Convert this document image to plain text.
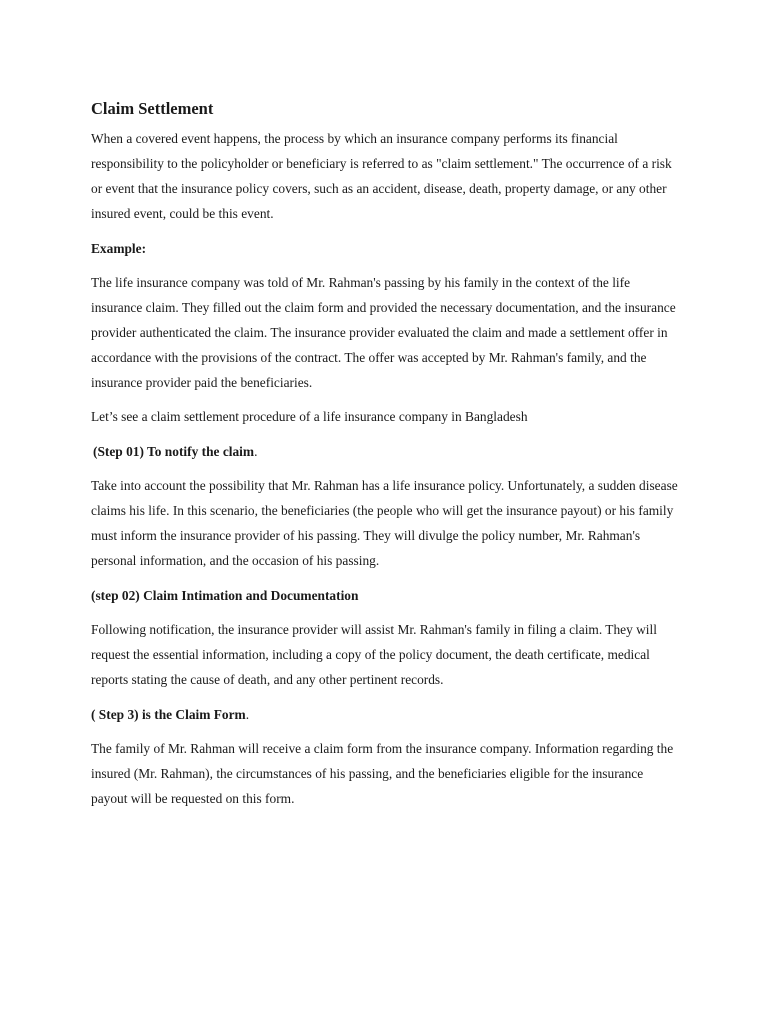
Claim Settlement

When a covered event happens, the process by which an insurance company performs its financial responsibility to the policyholder or beneficiary is referred to as "claim settlement." The occurrence of a risk or event that the insurance policy covers, such as an accident, disease, death, property damage, or any other insured event, could be this event.

Example:

The life insurance company was told of Mr. Rahman's passing by his family in the context of the life insurance claim. They filled out the claim form and provided the necessary documentation, and the insurance provider authenticated the claim. The insurance provider evaluated the claim and made a settlement offer in accordance with the provisions of the contract. The offer was accepted by Mr. Rahman's family, and the insurance provider paid the beneficiaries.

Let’s see a claim settlement procedure of a life insurance company in Bangladesh

(Step 01) To notify the claim.

Take into account the possibility that Mr. Rahman has a life insurance policy. Unfortunately, a sudden disease claims his life. In this scenario, the beneficiaries (the people who will get the insurance payout) or his family must inform the insurance provider of his passing. They will divulge the policy number, Mr. Rahman's personal information, and the occasion of his passing.

(step 02) Claim Intimation and Documentation

Following notification, the insurance provider will assist Mr. Rahman's family in filing a claim. They will request the essential information, including a copy of the policy document, the death certificate, medical reports stating the cause of death, and any other pertinent records.

( Step 3) is the Claim Form.

The family of Mr. Rahman will receive a claim form from the insurance company. Information regarding the insured (Mr. Rahman), the circumstances of his passing, and the beneficiaries eligible for the insurance payout will be requested on this form.
